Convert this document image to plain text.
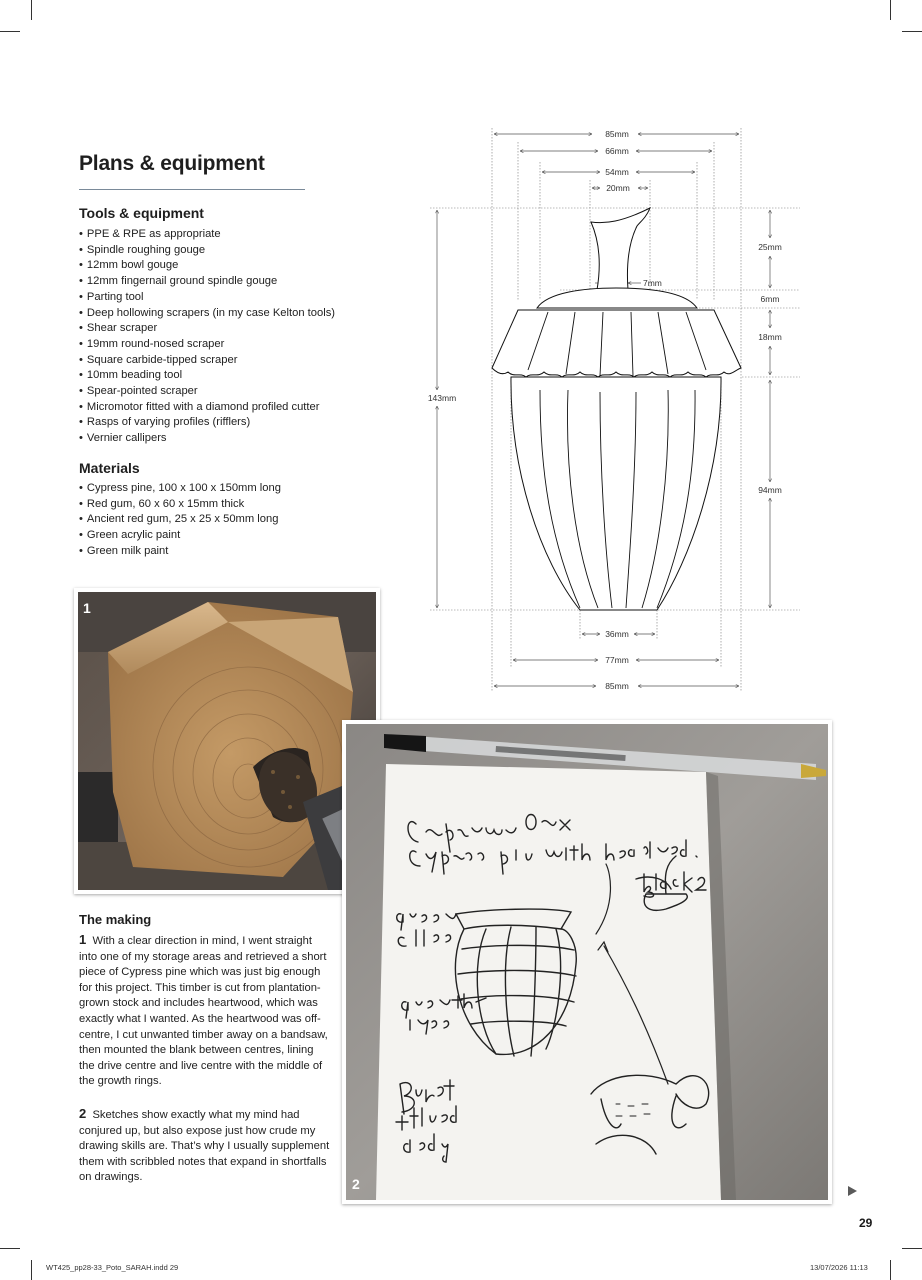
Plans & equipment
Tools & equipment
• PPE & RPE as appropriate
• Spindle roughing gouge
• 12mm bowl gouge
• 12mm fingernail ground spindle gouge
• Parting tool
• Deep hollowing scrapers (in my case Kelton tools)
• Shear scraper
• 19mm round-nosed scraper
• Square carbide-tipped scraper
• 10mm beading tool
• Spear-pointed scraper
• Micromotor fitted with a diamond profiled cutter
• Rasps of varying profiles (rifflers)
• Vernier callipers
Materials
• Cypress pine, 100 x 100 x 150mm long
• Red gum, 60 x 60 x 15mm thick
• Ancient red gum, 25 x 25 x 50mm long
• Green acrylic paint
• Green milk paint
85mm
66mm
54mm
20mm
7mm
25mm
6mm
18mm
94mm
143mm
36mm
77mm
85mm
1
2
The making

1 With a clear direction in mind, I went straight into one of my storage areas and retrieved a short piece of Cypress pine which was just big enough for this project. This timber is cut from plantation-grown stock and includes heartwood, which was exactly what I wanted. As the heartwood was off-centre, I cut unwanted timber away on a bandsaw, then mounted the blank between centres, lining the drive centre and live centre with the middle of the growth rings.

2 Sketches show exactly what my mind had conjured up, but also expose just how crude my drawing skills are. That’s why I usually supplement them with scribbled notes that expand in shortfalls on drawings.

29
WT425_pp28-33_Poto_SARAH.indd 29	13/07/2026 11:13
